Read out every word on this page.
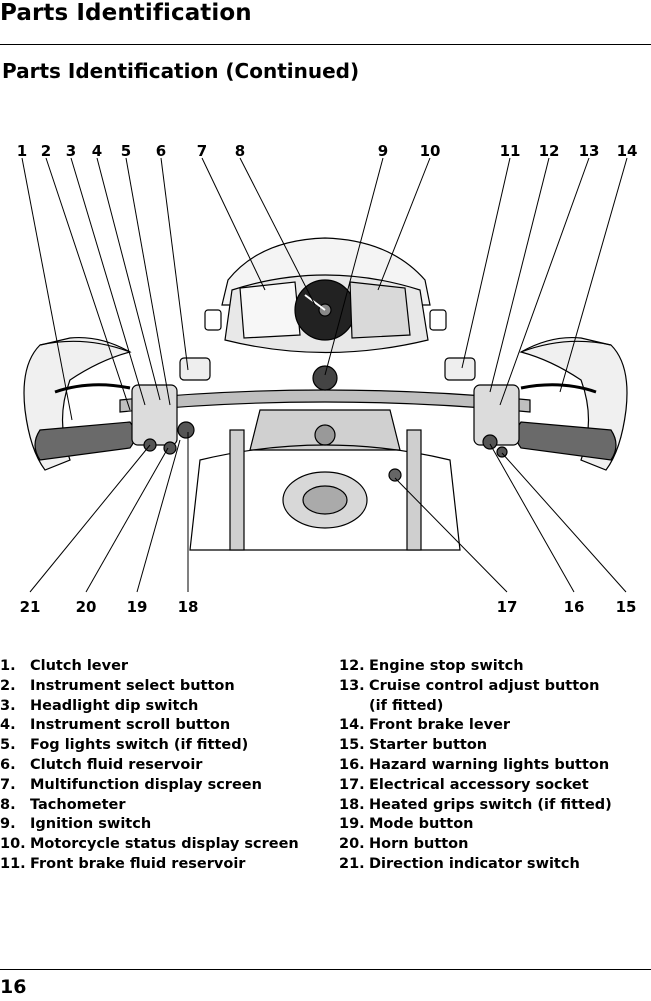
Parts Identification
Parts Identification (Continued)
1 2 3 4 5 6 7 8	9 10	11 12 13 14
21 20 19 18	17	16 15
1. Clutch lever
2. Instrument select button
3. Headlight dip switch
4. Instrument scroll button
5. Fog lights switch (if fitted)
6. Clutch fluid reservoir
7. Multifunction display screen
8. Tachometer
9. Ignition switch
10. Motorcycle status display screen
11. Front brake fluid reservoir
12. Engine stop switch
13. Cruise control adjust button
(if fitted)
14. Front brake lever
15. Starter button
16. Hazard warning lights button
17. Electrical accessory socket
18. Heated grips switch (if fitted)
19. Mode button
20. Horn button
21. Direction indicator switch
16
